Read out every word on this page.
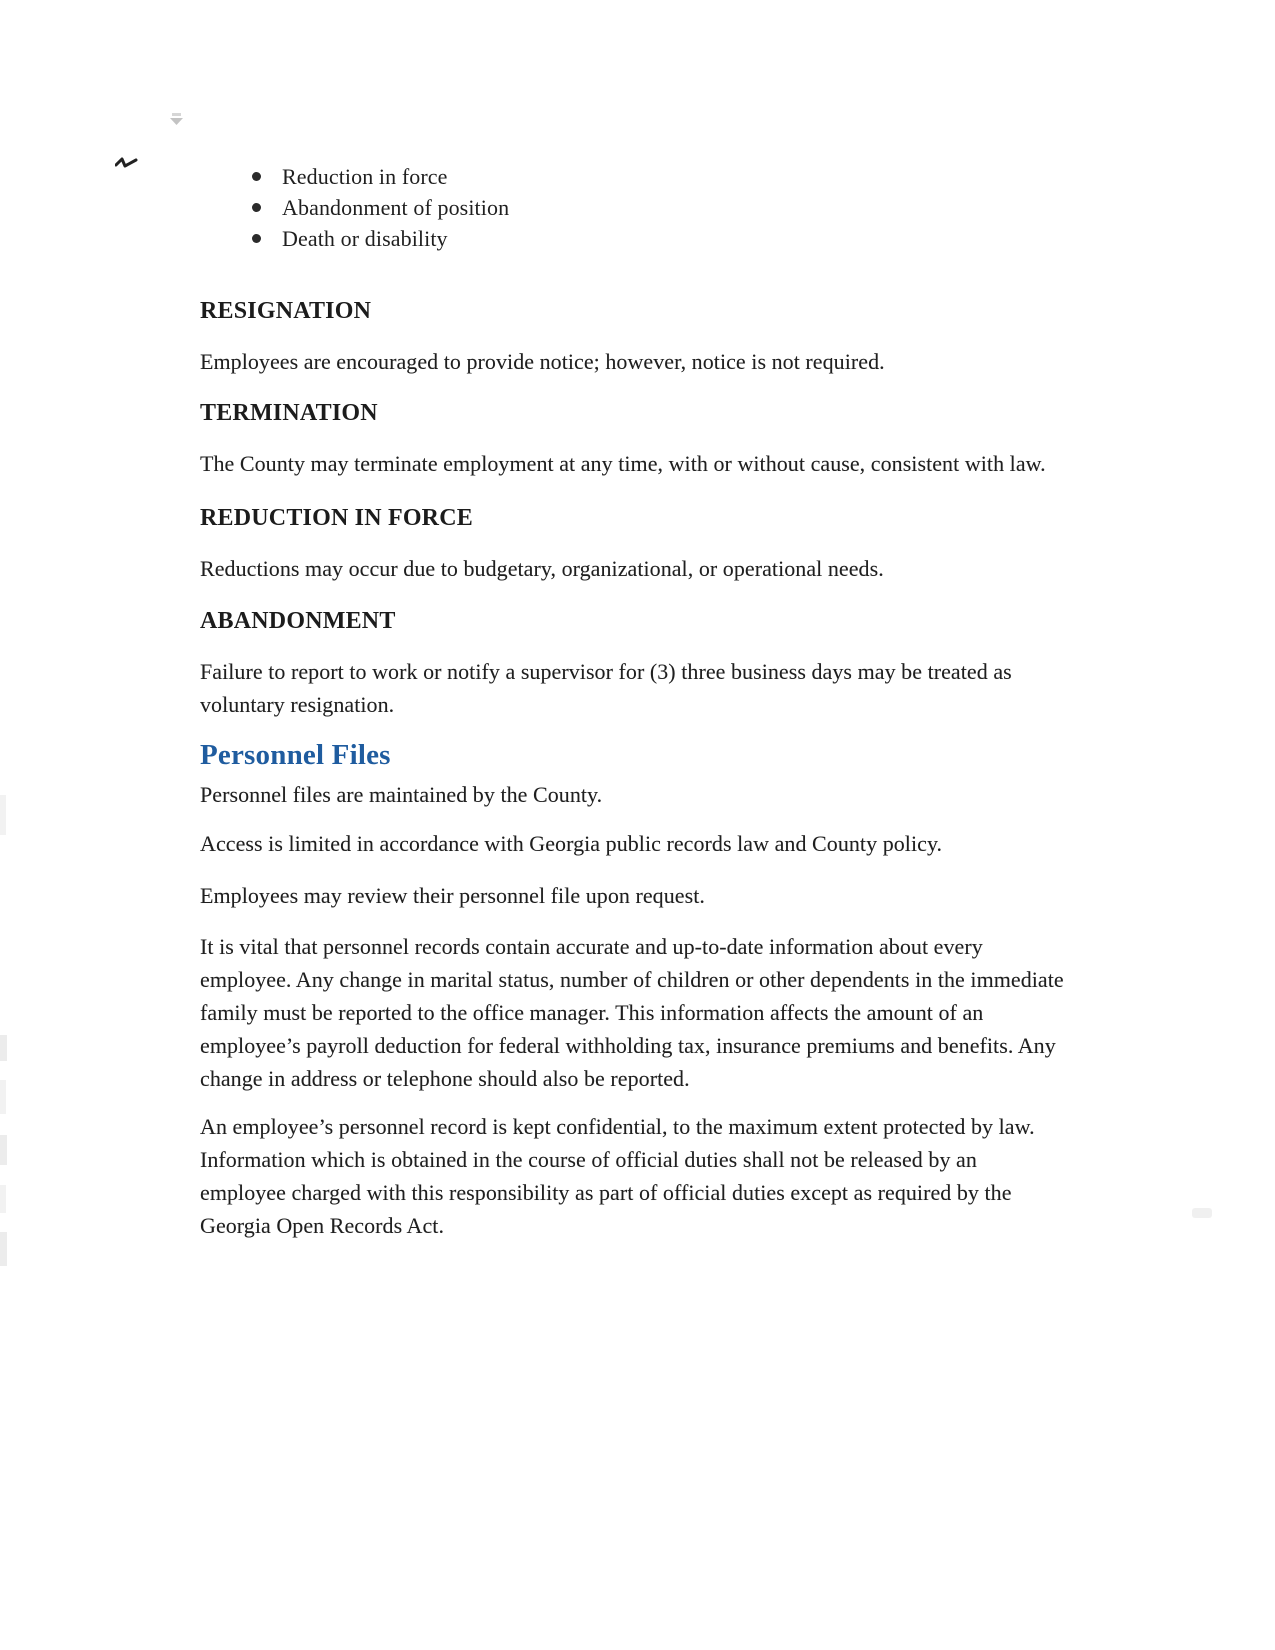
Reduction in force
Abandonment of position
Death or disability
RESIGNATION

Employees are encouraged to provide notice; however, notice is not required.

TERMINATION

The County may terminate employment at any time, with or without cause, consistent with law.

REDUCTION IN FORCE

Reductions may occur due to budgetary, organizational, or operational needs.

ABANDONMENT

Failure to report to work or notify a supervisor for (3) three business days may be treated as voluntary resignation.

Personnel Files

Personnel files are maintained by the County.

Access is limited in accordance with Georgia public records law and County policy.

Employees may review their personnel file upon request.

It is vital that personnel records contain accurate and up-to-date information about every employee. Any change in marital status, number of children or other dependents in the immediate family must be reported to the office manager. This information affects the amount of an employee’s payroll deduction for federal withholding tax, insurance premiums and benefits. Any change in address or telephone should also be reported.

An employee’s personnel record is kept confidential, to the maximum extent protected by law. Information which is obtained in the course of official duties shall not be released by an employee charged with this responsibility as part of official duties except as required by the Georgia Open Records Act.
